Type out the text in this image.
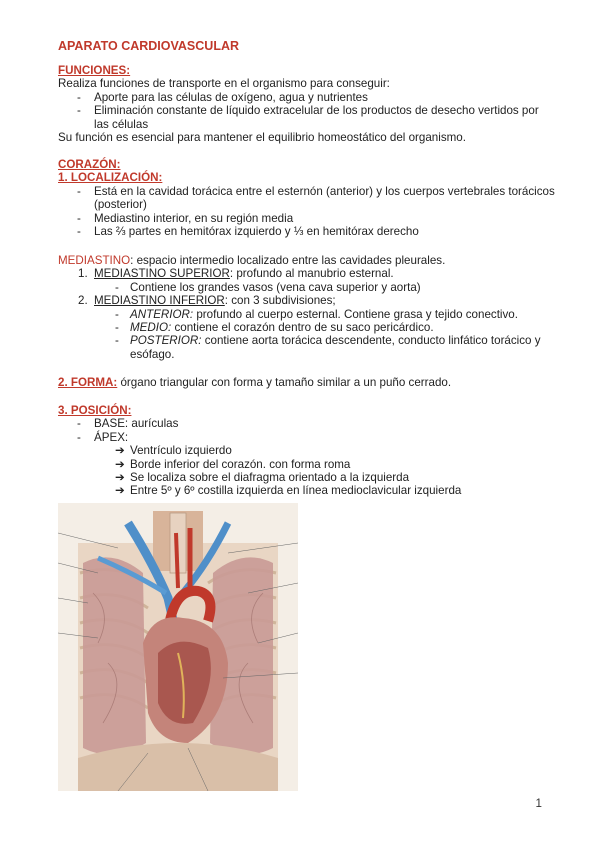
APARATO CARDIOVASCULAR

FUNCIONES:

Realiza funciones de transporte en el organismo para conseguir:

-	Aporte para las células de oxígeno, agua y nutrientes
-	Eliminación constante de líquido extracelular de los productos de desecho vertidos por las células

Su función es esencial para mantener el equilibrio homeostático del organismo.

CORAZÓN:

1. LOCALIZACIÓN:

-	Está en la cavidad torácica entre el esternón (anterior) y los cuerpos vertebrales torácicos (posterior)
-	Mediastino interior, en su región media
-	Las ⅔ partes en hemitórax izquierdo y ⅓ en hemitórax derecho

MEDIASTINO: espacio intermedio localizado entre las cavidades pleurales.

1. MEDIASTINO SUPERIOR: profundo al manubrio esternal.
- Contiene los grandes vasos (vena cava superior y aorta)
2. MEDIASTINO INFERIOR: con 3 subdivisiones;
- ANTERIOR: profundo al cuerpo esternal. Contiene grasa y tejido conectivo.
- MEDIO: contiene el corazón dentro de su saco pericárdico.
- POSTERIOR: contiene aorta torácica descendente, conducto linfático torácico y esófago.

2. FORMA: órgano triangular con forma y tamaño similar a un puño cerrado.

3. POSICIÓN:

-	BASE: aurículas
-	ÁPEX:
➔ Ventrículo izquierdo
➔ Borde inferior del corazón. con forma roma
➔ Se localiza sobre el diafragma orientado a la izquierda
➔ Entre 5º y 6º costilla izquierda en línea medioclavicular izquierda
1
